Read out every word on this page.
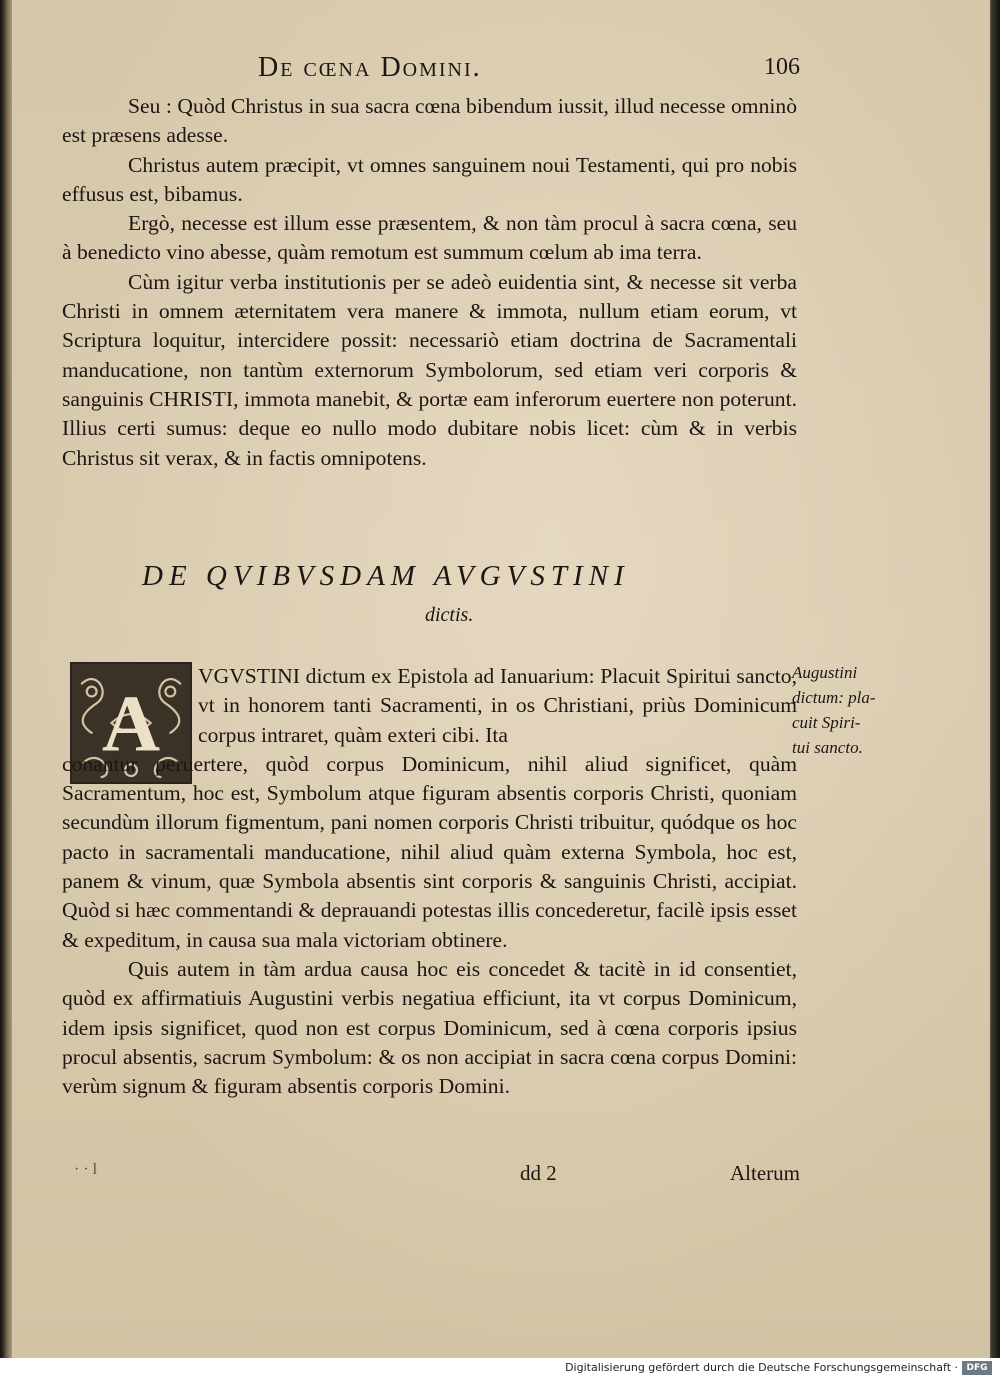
De cœna Domini.	106

Seu : Quòd Christus in sua sacra cœna bibendum iussit, illud necesse omninò est præsens adesse.

Christus autem præcipit, vt omnes sanguinem noui Testamenti, qui pro nobis effusus est, bibamus.

Ergò, necesse est illum esse præsentem, & non tàm procul à sacra cœna, seu à benedicto vino abesse, quàm remotum est summum cœlum ab ima terra.

Cùm igitur verba institutionis per se adeò euidentia sint, & necesse sit verba Christi in omnem æternitatem vera manere & immota, nullum etiam eorum, vt Scriptura loquitur, intercidere possit: necessariò etiam doctrina de Sacramentali manducatione, non tantùm externorum Symbolorum, sed etiam veri corporis & sanguinis CHRISTI, immota manebit, & portæ eam inferorum euertere non poterunt. Illius certi sumus: deque eo nullo modo dubitare nobis licet: cùm & in verbis Christus sit verax, & in factis omnipotens.

DE QVIBVSDAM AVGVSTINI
dictis.
A

VGVSTINI dictum ex Epistola ad Ianuarium: Placuit Spiritui sancto, vt in honorem tanti Sacramenti, in os Christiani, priùs Dominicum corpus intraret, quàm exteri cibi. Ita

conantur peruertere, quòd corpus Dominicum, nihil aliud significet, quàm Sacramentum, hoc est, Symbolum atque figuram absentis corporis Christi, quoniam secundùm illorum figmentum, pani nomen corporis Christi tribuitur, quódque os hoc pacto in sacramentali manducatione, nihil aliud quàm externa Symbola, hoc est, panem & vinum, quæ Symbola absentis sint corporis & sanguinis Christi, accipiat. Quòd si hæc commentandi & deprauandi potestas illis concederetur, facilè ipsis esset & expeditum, in causa sua mala victoriam obtinere.

Quis autem in tàm ardua causa hoc eis concedet & tacitè in id consentiet, quòd ex affirmatiuis Augustini verbis negatiua efficiunt, ita vt corpus Dominicum, idem ipsis significet, quod non est corpus Dominicum, sed à cœna corporis ipsius procul absentis, sacrum Symbolum: & os non accipiat in sacra cœna corpus Domini: verùm signum & figuram absentis corporis Domini.

Augustini
dictum: pla-
cuit Spiri-
tui sancto.
· · l	dd 2	Alterum
Digitalisierung gefördert durch die Deutsche Forschungsgemeinschaft · DFG
